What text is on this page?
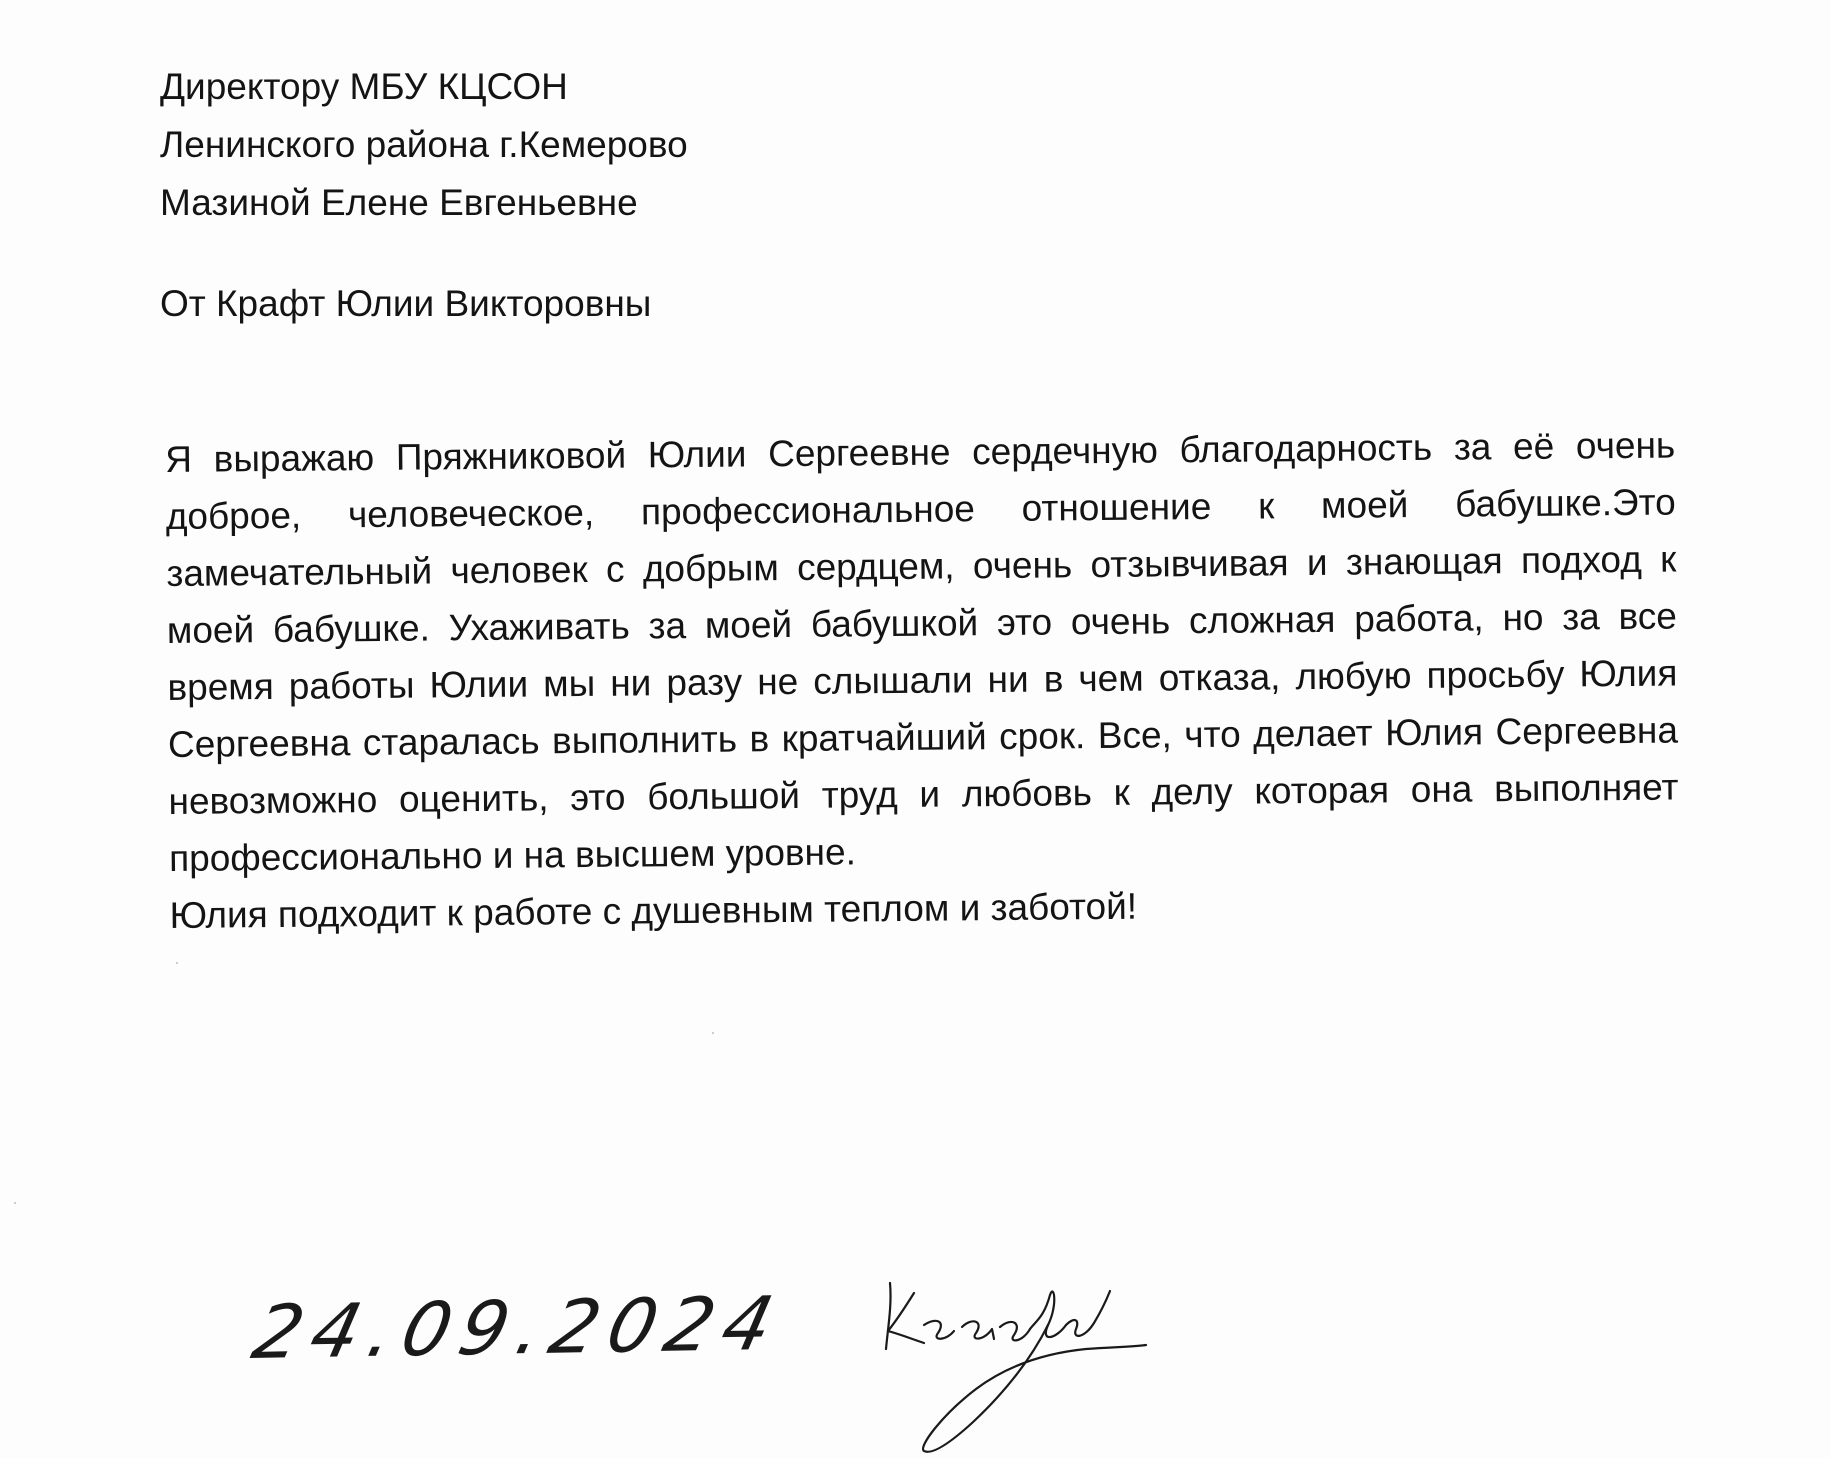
Директору МБУ КЦСОН
Ленинского района г.Кемерово
Мазиной Елене Евгеньевне
От Крафт Юлии Викторовны

Я выражаю Пряжниковой Юлии Сергеевне сердечную благодарность за её очень доброе, человеческое, профессиональное отношение к моей бабушке.Это замечательный человек с добрым сердцем, очень отзывчивая и знающая подход к моей бабушке. Ухаживать за моей бабушкой это очень сложная работа, но за все время работы Юлии мы ни разу не слышали ни в чем отказа, любую просьбу Юлия Сергеевна старалась выполнить в кратчайший срок. Все, что делает Юлия Сергеевна невозможно оценить, это большой труд и любовь к делу которая она выполняет профессионально и на высшем уровне.

Юлия подходит к работе с душевным теплом и заботой!

24.09.2024
